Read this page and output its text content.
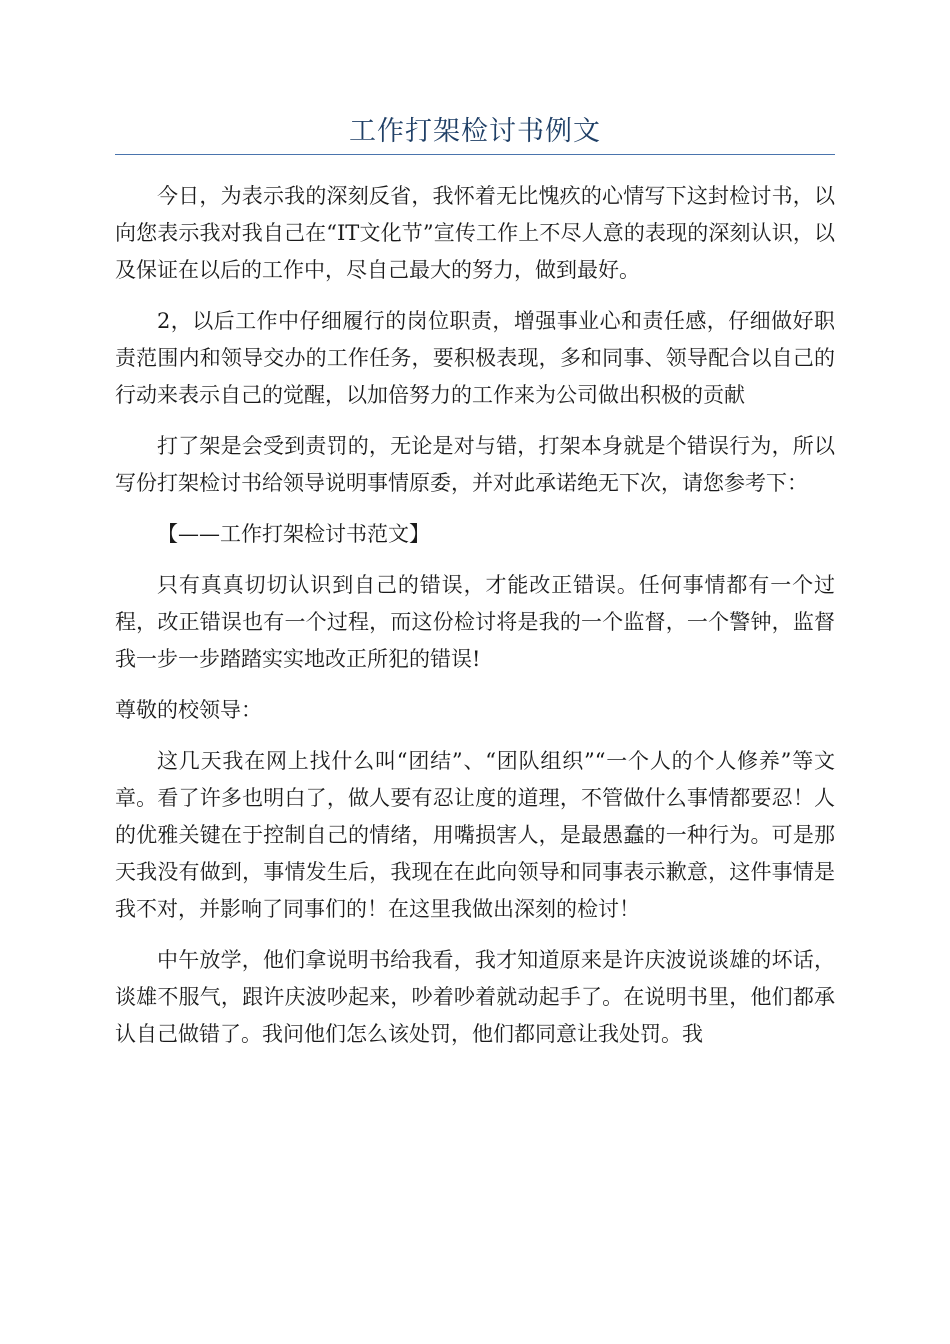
工作打架检讨书例文

今日，为表示我的深刻反省，我怀着无比愧疚的心情写下这封检讨书，以向您表示我对我自己在“IT文化节”宣传工作上不尽人意的表现的深刻认识，以及保证在以后的工作中，尽自己最大的努力，做到最好。

2，以后工作中仔细履行的岗位职责，增强事业心和责任感，仔细做好职责范围内和领导交办的工作任务，要积极表现，多和同事、领导配合以自己的行动来表示自己的觉醒，以加倍努力的工作来为公司做出积极的贡献

打了架是会受到责罚的，无论是对与错，打架本身就是个错误行为，所以写份打架检讨书给领导说明事情原委，并对此承诺绝无下次，请您参考下：

【——工作打架检讨书范文】

只有真真切切认识到自己的错误，才能改正错误。任何事情都有一个过程，改正错误也有一个过程，而这份检讨将是我的一个监督，一个警钟，监督我一步一步踏踏实实地改正所犯的错误!

尊敬的校领导：

这几天我在网上找什么叫“团结”、“团队组织”“一个人的个人修养”等文章。看了许多也明白了，做人要有忍让度的道理，不管做什么事情都要忍！人的优雅关键在于控制自己的情绪，用嘴损害人，是最愚蠢的一种行为。可是那天我没有做到，事情发生后，我现在在此向领导和同事表示歉意，这件事情是我不对，并影响了同事们的！在这里我做出深刻的检讨！

中午放学，他们拿说明书给我看，我才知道原来是许庆波说谈雄的坏话，谈雄不服气，跟许庆波吵起来，吵着吵着就动起手了。在说明书里，他们都承认自己做错了。我问他们怎么该处罚，他们都同意让我处罚。我
